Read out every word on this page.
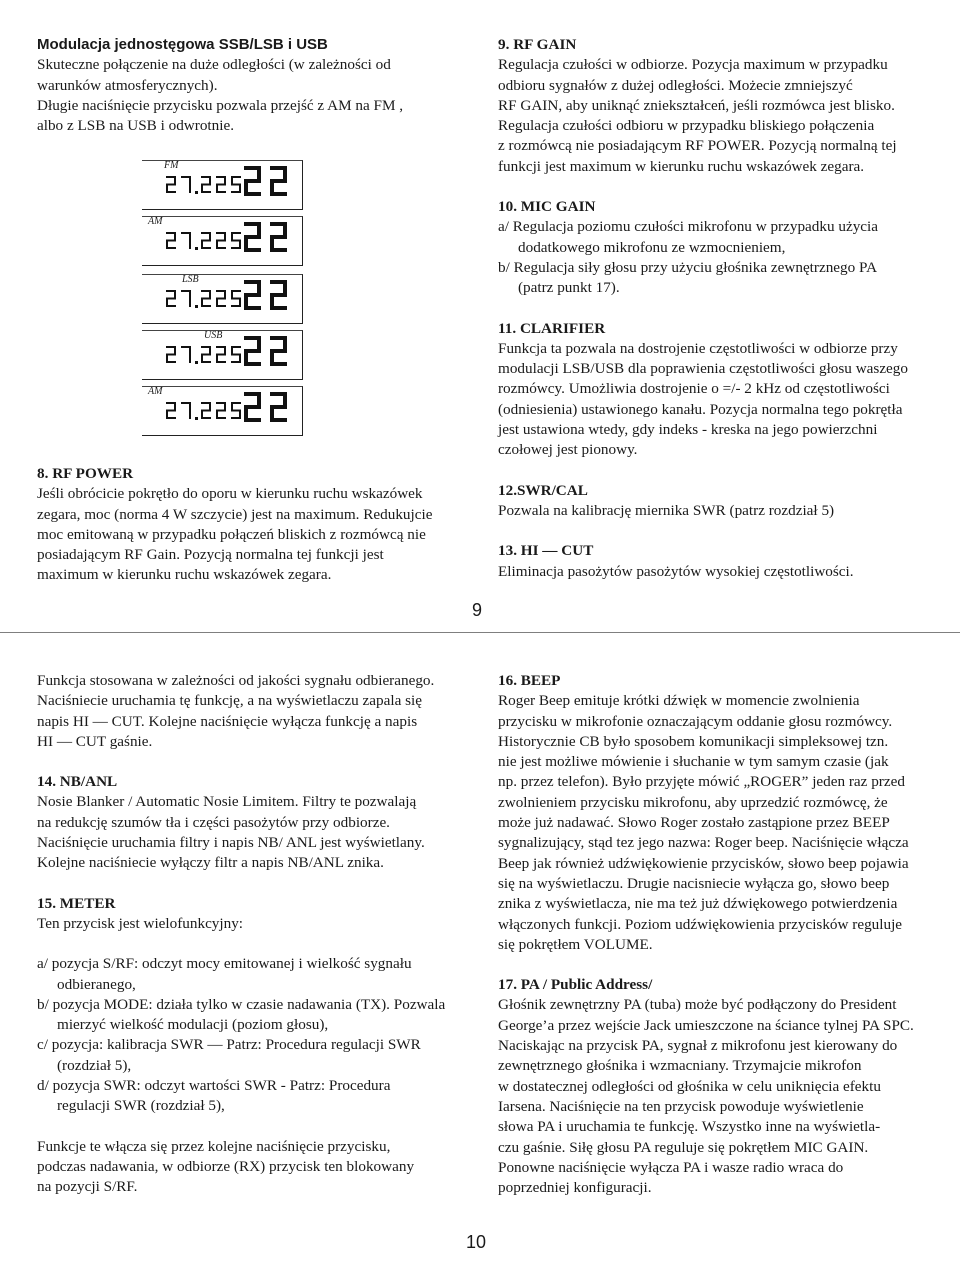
Modulacja jednostęgowa SSB/LSB i USB

Skuteczne połączenie na duże odległości (w zależności od

warunków atmosferycznych).

Długie naciśnięcie przycisku pozwala przejść z AM na FM ,

albo z LSB na USB i odwrotnie.

FM
AM
LSB
USB
AM

8. RF POWER

Jeśli obrócicie pokrętło do oporu w kierunku ruchu wskazówek

zegara, moc (norma 4 W szczycie) jest na maximum. Redukujcie

moc emitowaną w przypadku połączeń bliskich z rozmówcą nie

posiadającym RF Gain. Pozycją normalna tej funkcji jest

maximum w kierunku ruchu wskazówek zegara.

9. RF GAIN

Regulacja czułości w odbiorze. Pozycja maximum w przypadku

odbioru sygnałów z dużej odległości. Możecie zmniejszyć

RF GAIN, aby uniknąć zniekształceń, jeśli rozmówca jest blisko.

Regulacja czułości odbioru w przypadku bliskiego połączenia

z rozmówcą nie posiadającym RF POWER. Pozycją normalną tej

funkcji jest maximum w kierunku ruchu wskazówek zegara.

10. MIC GAIN

a/ Regulacja poziomu czułości mikrofonu w przypadku użycia

dodatkowego mikrofonu ze wzmocnieniem,

b/ Regulacja siły głosu przy użyciu głośnika zewnętrznego PA

(patrz punkt 17).

11. CLARIFIER

Funkcja ta pozwala na dostrojenie częstotliwości w odbiorze przy

modulacji LSB/USB dla poprawienia częstotliwości głosu waszego

rozmówcy. Umożliwia dostrojenie o =/- 2 kHz od częstotliwości

(odniesienia) ustawionego kanału. Pozycja normalna tego pokrętła

jest ustawiona wtedy, gdy indeks - kreska na jego powierzchni

czołowej jest pionowy.

12.SWR/CAL

Pozwala na kalibrację miernika SWR (patrz rozdział 5)

13. HI — CUT

Eliminacja pasożytów pasożytów wysokiej częstotliwości.

9

Funkcja stosowana w zależności od jakości sygnału odbieranego.

Naciśniecie uruchamia tę funkcję, a na wyświetlaczu zapala się

napis HI — CUT. Kolejne naciśnięcie wyłącza funkcję a napis

HI — CUT gaśnie.

14. NB/ANL

Nosie Blanker / Automatic Nosie Limitem. Filtry te pozwalają

na redukcję szumów tła i części pasożytów przy odbiorze.

Naciśnięcie uruchamia filtry i napis NB/ ANL jest wyświetlany.

Kolejne naciśniecie wyłączy filtr a napis NB/ANL znika.

15. METER

Ten przycisk jest wielofunkcyjny:

a/ pozycja S/RF: odczyt mocy emitowanej i wielkość sygnału

odbieranego,

b/ pozycja MODE: działa tylko w czasie nadawania (TX). Pozwala

mierzyć wielkość modulacji (poziom głosu),

c/ pozycja: kalibracja SWR — Patrz: Procedura regulacji SWR

(rozdział 5),

d/ pozycja SWR: odczyt wartości SWR - Patrz: Procedura

regulacji SWR (rozdział 5),

Funkcje te włącza się przez kolejne naciśnięcie przycisku,

podczas nadawania, w odbiorze (RX) przycisk ten blokowany

na pozycji S/RF.

16. BEEP

Roger Beep emituje krótki dźwięk w momencie zwolnienia

przycisku w mikrofonie oznaczającym oddanie głosu rozmówcy.

Historycznie CB było sposobem komunikacji simpleksowej tzn.

nie jest możliwe mówienie i słuchanie w tym samym czasie (jak

np. przez telefon). Było przyjęte mówić „ROGER” jeden raz przed

zwolnieniem przycisku mikrofonu, aby uprzedzić rozmówcę, że

może już nadawać. Słowo Roger zostało zastąpione przez BEEP

sygnalizujący, stąd tez jego nazwa: Roger beep. Naciśnięcie włącza

Beep jak również udźwiękowienie przycisków, słowo beep pojawia

się na wyświetlaczu. Drugie nacisniecie wyłącza go, słowo beep

znika z wyświetlacza, nie ma też już dźwiękowego potwierdzenia

włączonych funkcji. Poziom udźwiękowienia przycisków reguluje

się pokrętłem VOLUME.

17. PA / Public Address/

Głośnik zewnętrzny PA (tuba) może być podłączony do President

George’a przez wejście Jack umieszczone na ściance tylnej PA SPC.

Naciskając na przycisk PA, sygnał z mikrofonu jest kierowany do

zewnętrznego głośnika i wzmacniany. Trzymajcie mikrofon

w dostatecznej odległości od głośnika w celu uniknięcia efektu

Iarsena. Naciśnięcie na ten przycisk powoduje wyświetlenie

słowa PA i uruchamia te funkcję. Wszystko inne na wyświetla-

czu gaśnie. Siłę głosu PA reguluje się pokrętłem MIC GAIN.

Ponowne naciśnięcie wyłącza PA i wasze radio wraca do

poprzedniej konfiguracji.

10
